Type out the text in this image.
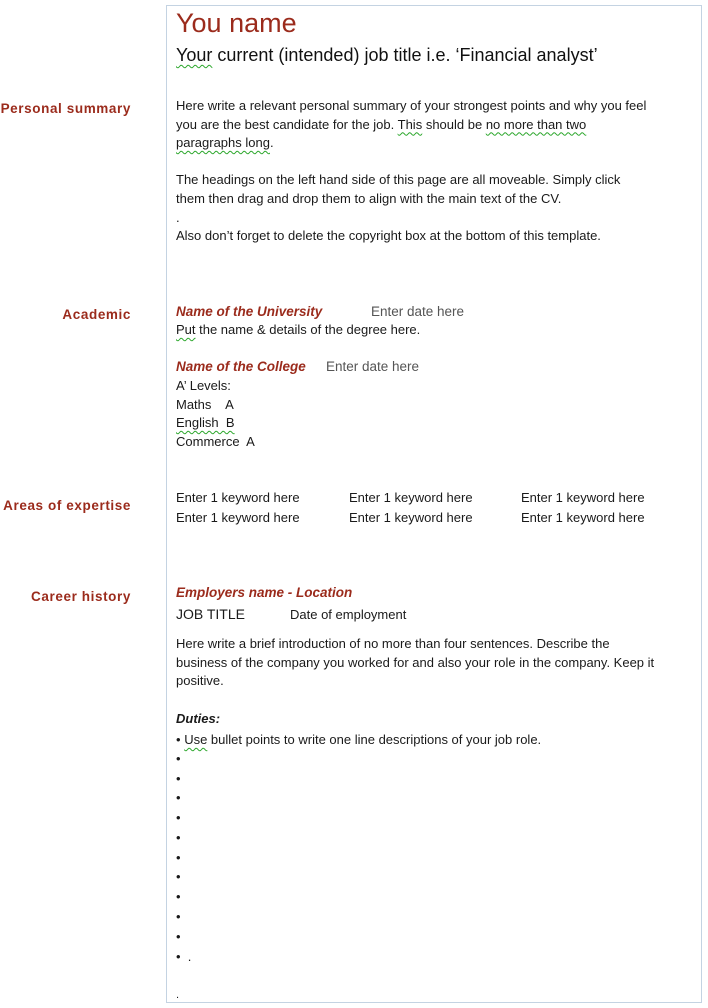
You name
Your current (intended) job title i.e. ‘Financial analyst’
Personal summary
Academic
Areas of expertise
Career history

Here write a relevant personal summary of your strongest points and why you feel

you are the best candidate for the job. This should be no more than two

paragraphs long.

The headings on the left hand side of this page are all moveable. Simply click

them then drag and drop them to align with the main text of the CV.

.

Also don’t forget to delete the copyright box at the bottom of this template.

Name of the University	Enter date here
Put the name & details of the degree here.
Name of the College Enter date here
A’ Levels:
Maths    A
English  B
Commerce  A
Enter 1 keyword here	Enter 1 keyword here	Enter 1 keyword here
Enter 1 keyword here	Enter 1 keyword here	Enter 1 keyword here
Employers name - Location
JOB TITLE	Date of employment

Here write a brief introduction of no more than four sentences. Describe the

business of the company you worked for and also your role in the company. Keep it

positive.

Duties:
• Use bullet points to write one line descriptions of your job role.
•
•
•
•
•
•
•
•
•
•
• .
.
